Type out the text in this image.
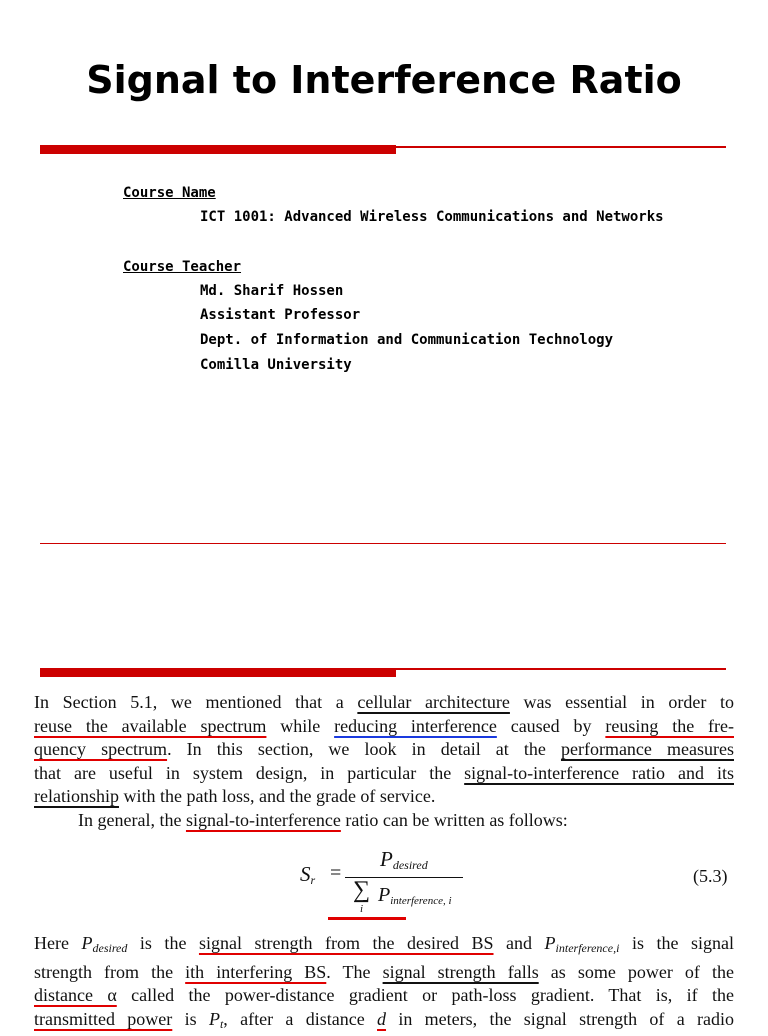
Signal to Interference Ratio
Course Name
ICT 1001: Advanced Wireless Communications and Networks
Course Teacher
Md. Sharif Hossen
Assistant Professor
Dept. of Information and Communication Technology
Comilla University

In Section 5.1, we mentioned that a cellular architecture was essential in order to

reuse the available spectrum while reducing interference caused by reusing the fre-

quency spectrum. In this section, we look in detail at the performance measures

that are useful in system design, in particular the signal-to-interference ratio and its

relationship with the path loss, and the grade of service.

In general, the signal-to-interference ratio can be written as follows:

$S_r$ =
$P_{desired}$
∑
i
$P_{interference, i}$
(5.3)

Here $P_{desired}$ is the signal strength from the desired BS and $P_{interference,i}$ is the signal

strength from the ith interfering BS. The signal strength falls as some power of the

distance α called the power-distance gradient or path-loss gradient. That is, if the

transmitted power is $P_t$, after a distance d in meters, the signal strength of a radio
